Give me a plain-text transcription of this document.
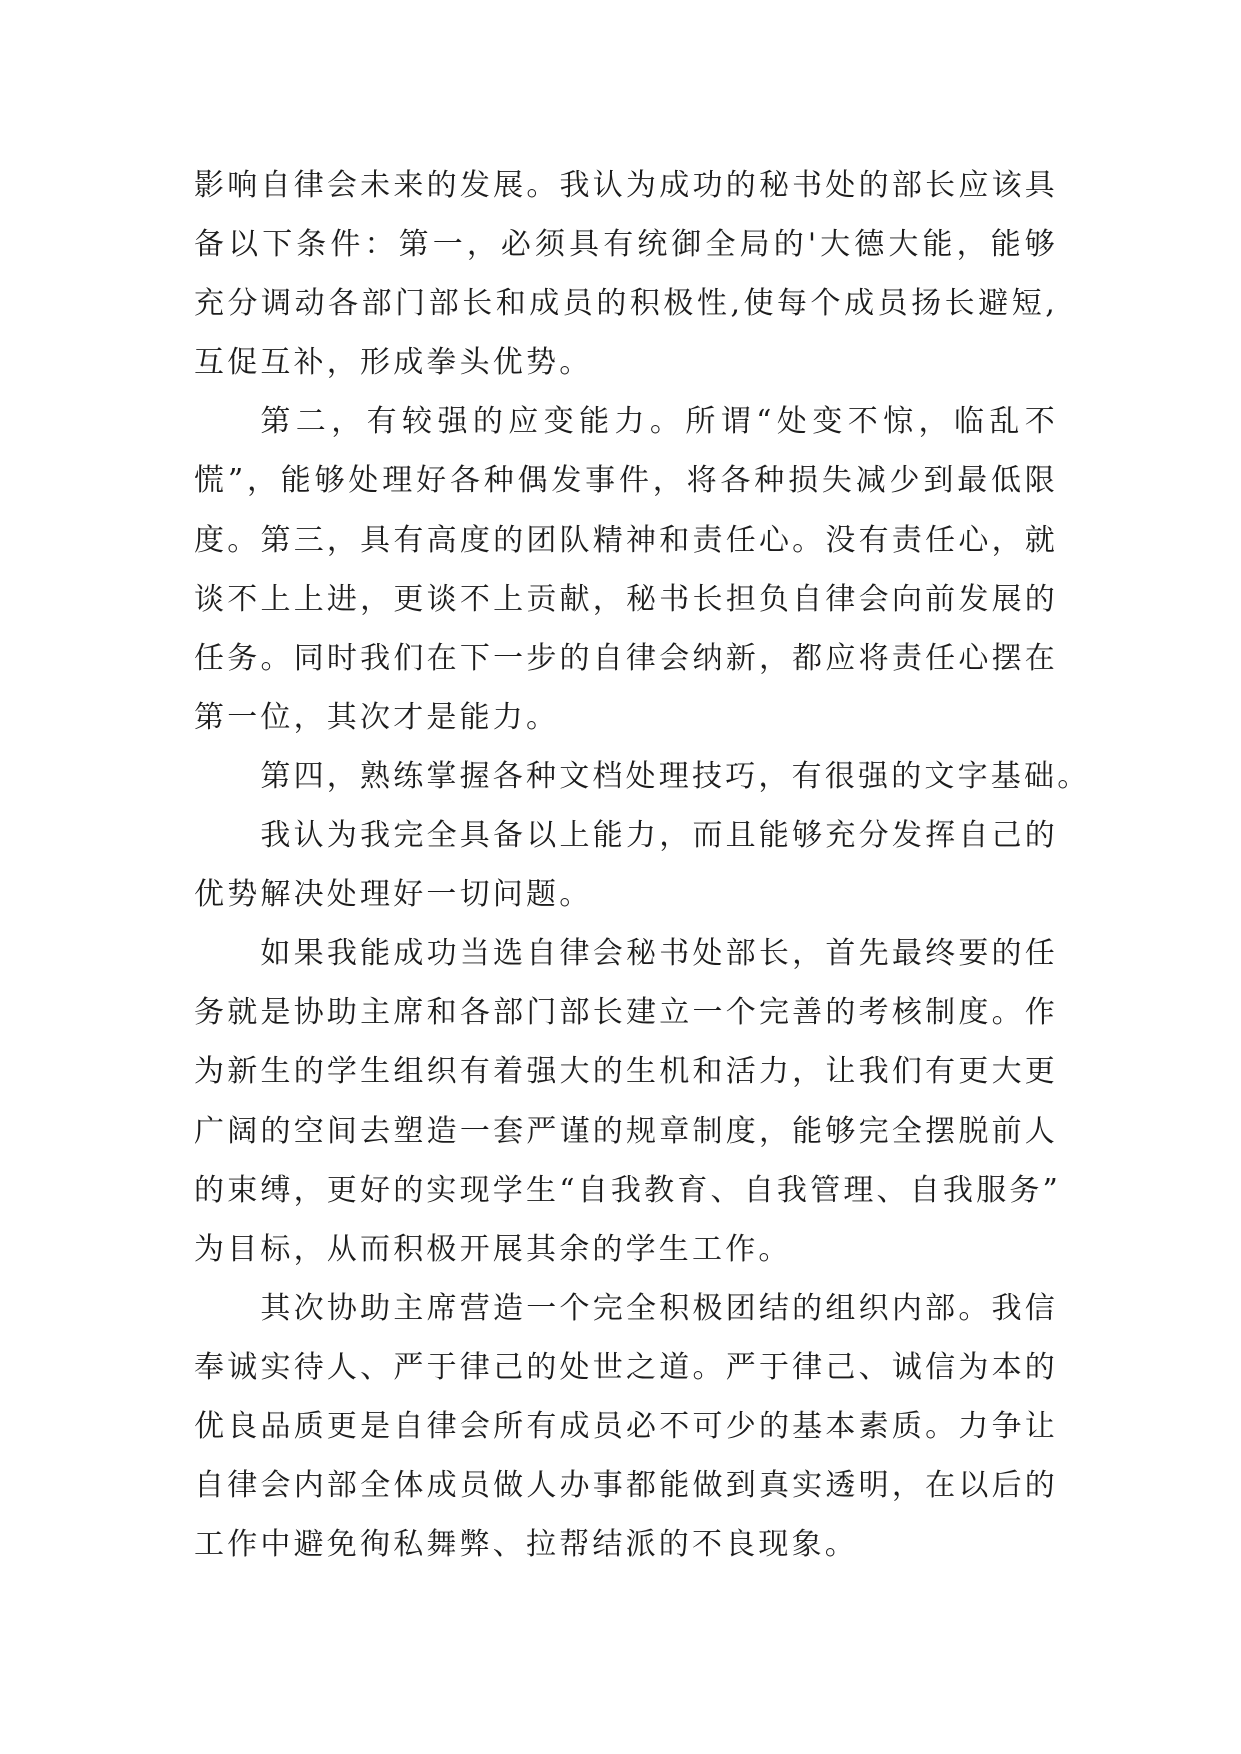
影响自律会未来的发展。我认为成功的秘书处的部长应该具
备以下条件：第一，必须具有统御全局的'大德大能，能够
充分调动各部门部长和成员的积极性,使每个成员扬长避短,
互促互补，形成拳头优势。
第二，有较强的应变能力。所谓“处变不惊，临乱不
慌”，能够处理好各种偶发事件，将各种损失减少到最低限
度。第三，具有高度的团队精神和责任心。没有责任心，就
谈不上上进，更谈不上贡献，秘书长担负自律会向前发展的
任务。同时我们在下一步的自律会纳新，都应将责任心摆在
第一位，其次才是能力。
第四，熟练掌握各种文档处理技巧，有很强的文字基础。
我认为我完全具备以上能力，而且能够充分发挥自己的
优势解决处理好一切问题。
如果我能成功当选自律会秘书处部长，首先最终要的任
务就是协助主席和各部门部长建立一个完善的考核制度。作
为新生的学生组织有着强大的生机和活力，让我们有更大更
广阔的空间去塑造一套严谨的规章制度，能够完全摆脱前人
的束缚，更好的实现学生“自我教育、自我管理、自我服务”
为目标，从而积极开展其余的学生工作。
其次协助主席营造一个完全积极团结的组织内部。我信
奉诚实待人、严于律己的处世之道。严于律己、诚信为本的
优良品质更是自律会所有成员必不可少的基本素质。力争让
自律会内部全体成员做人办事都能做到真实透明，在以后的
工作中避免徇私舞弊、拉帮结派的不良现象。
